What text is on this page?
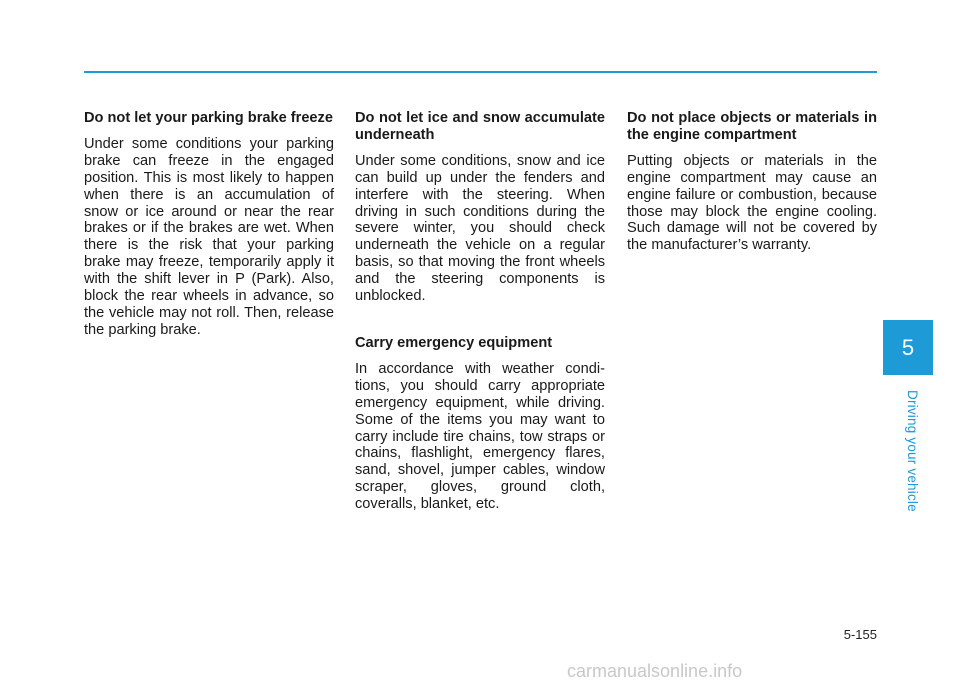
Do not let your parking brake freeze

Under some conditions your parking brake can freeze in the engaged position. This is most likely to happen when there is an accumulation of snow or ice around or near the rear brakes or if the brakes are wet. When there is the risk that your parking brake may freeze, temporarily apply it with the shift lever in P (Park). Also, block the rear wheels in advance, so the vehicle may not roll. Then, release the parking brake.

Do not let ice and snow accumulate underneath

Under some conditions, snow and ice can build up under the fenders and interfere with the steering. When driving in such conditions during the severe winter, you should check underneath the vehicle on a regular basis, so that moving the front wheels and the steering components is unblocked.

Carry emergency equipment

In accordance with weather conditions, you should carry appropriate emergency equipment, while driving. Some of the items you may want to carry include tire chains, tow straps or chains, flashlight, emergency flares, sand, shovel, jumper cables, window scraper, gloves, ground cloth, coveralls, blanket, etc.

Do not place objects or materials in the engine compartment

Putting objects or materials in the engine compartment may cause an engine failure or combustion, because those may block the engine cooling. Such damage will not be covered by the manufacturer’s warranty.

5
Driving your vehicle
5-155
carmanualsonline.info
